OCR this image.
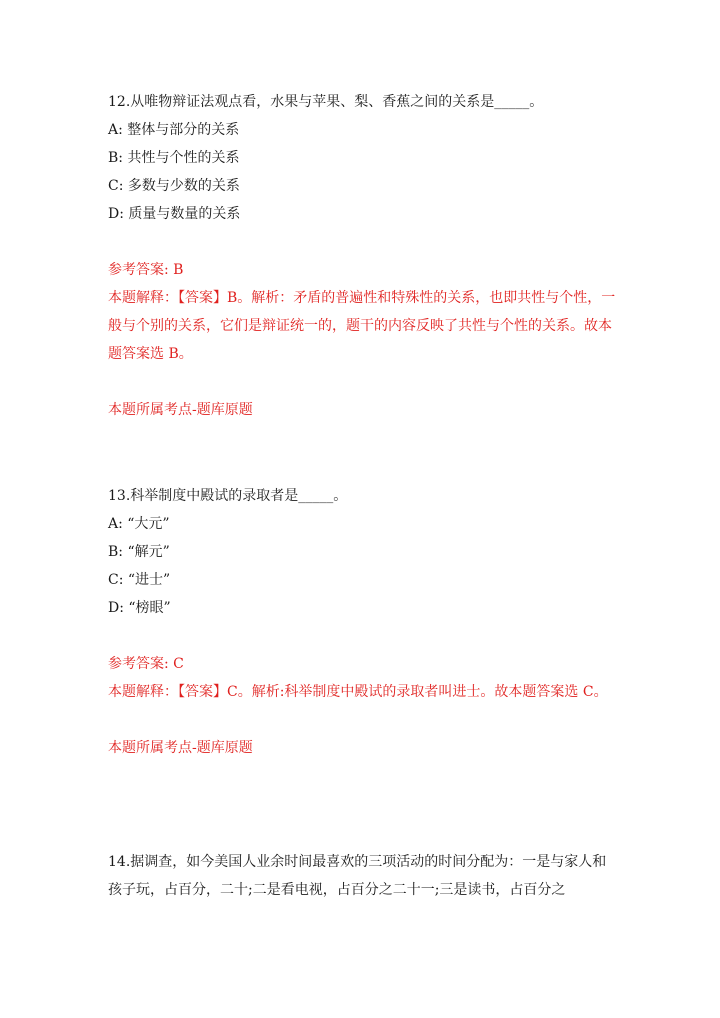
12.从唯物辩证法观点看，水果与苹果、梨、香蕉之间的关系是_____。
A: 整体与部分的关系
B: 共性与个性的关系
C: 多数与少数的关系
D: 质量与数量的关系
参考答案: B
本题解释：【答案】B。解析：矛盾的普遍性和特殊性的关系，也即共性与个性，一般与个别的关系，它们是辩证统一的，题干的内容反映了共性与个性的关系。故本题答案选 B。
本题所属考点-题库原题
13.科举制度中殿试的录取者是_____。
A: “大元”
B: “解元”
C: “进士”
D: “榜眼”
参考答案: C
本题解释：【答案】C。解析:科举制度中殿试的录取者叫进士。故本题答案选 C。
本题所属考点-题库原题
14.据调查，如今美国人业余时间最喜欢的三项活动的时间分配为：一是与家人和孩子玩，占百分，二十;二是看电视，占百分之二十一;三是读书，占百分之
